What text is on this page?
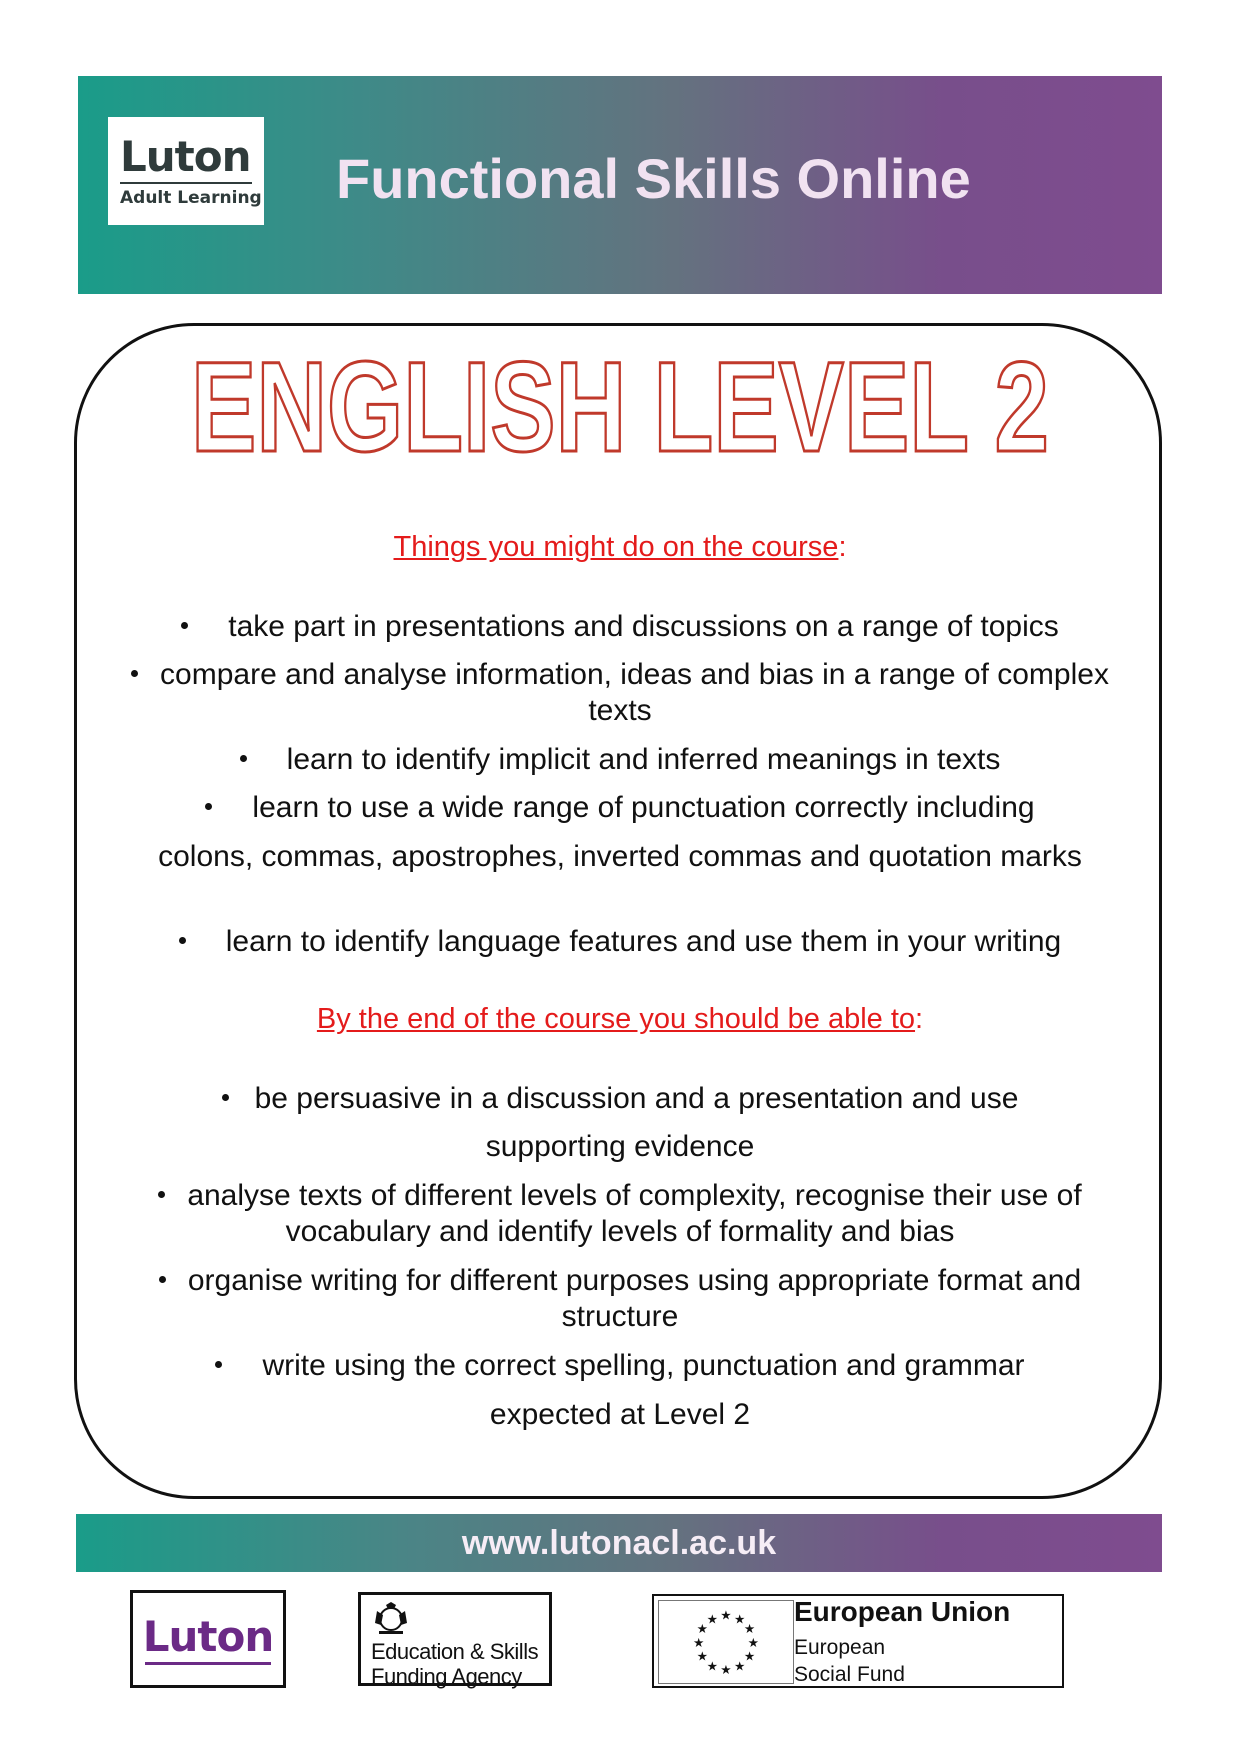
Luton
Adult Learning Functional Skills Online
ENGLISH LEVEL 2
Things you might do on the course:
take part in presentations and discussions on a range of topics
compare and analyse information, ideas and bias in a range of complex texts
learn to identify implicit and inferred meanings in texts
learn to use a wide range of punctuation correctly including
colons, commas, apostrophes, inverted commas and quotation marks
learn to identify language features and use them in your writing
By the end of the course you should be able to:
be persuasive in a discussion and a presentation and use
supporting evidence
analyse texts of different levels of complexity, recognise their use of vocabulary and identify levels of formality and bias
organise writing for different purposes using appropriate format and structure
write using the correct spelling, punctuation and grammar
expected at Level 2
www.lutonacl.ac.uk
Luton	Education & Skills
Funding Agency
★ ★
★
★
★
★
★
★
★
★
★
★	European Union
European
Social Fund
